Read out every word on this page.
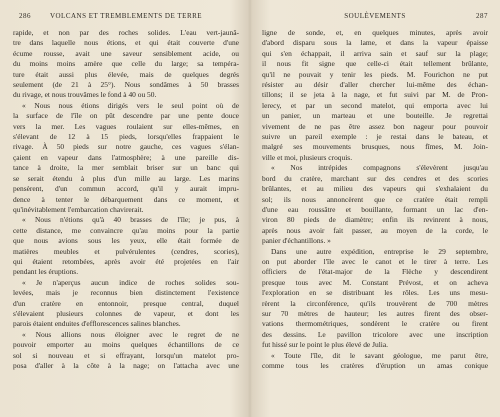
286	VOLCANS ET TREMBLEMENTS DE TERRE
rapide, et non par des roches solides. L'eau vert-jaunâ-
tre dans laquelle nous étions, et qui était couverte d'une
écume rousse, avait une saveur sensiblement acide, ou
du moins moins amère que celle du large; sa tempéra-
ture était aussi plus élevée, mais de quelques degrés
seulement (de 21 à 25°). Nous sondâmes à 50 brasses
du rivage, et nous trouvâmes le fond à 40 ou 50.
« Nous nous étions dirigés vers le seul point où de
la surface de l'île on pût descendre par une pente douce
vers la mer. Les vagues roulaient sur elles-mêmes, en
s'élevant de 12 à 15 pieds, lorsqu'elles frappaient le
rivage. À 50 pieds sur notre gauche, ces vagues s'élan-
çaient en vapeur dans l'atmosphère; à une pareille dis-
tance à droite, la mer semblait briser sur un banc qui
se serait étendu à plus d'un mille au large. Les marins
pensèrent, d'un commun accord, qu'il y aurait impru-
dence à tenter le débarquement dans ce moment, et
qu'inévitablement l'embarcation chavirerait.
« Nous n'étions qu'à 40 brasses de l'île; je pus, à
cette distance, me convaincre qu'au moins pour la partie
que nous avions sous les yeux, elle était formée de
matières meubles et pulvérulentes (cendres, scories),
qui étaient retombées, après avoir été projetées en l'air
pendant les éruptions.
« Je n'aperçus aucun indice de roches solides sou-
levées, mais je reconnus bien distinctement l'existence
d'un cratère en entonnoir, presque central, duquel
s'élevaient plusieurs colonnes de vapeur, et dont les
parois étaient enduites d'efflorescences salines blanches.
« Nous allions nous éloigner avec le regret de ne
pouvoir emporter au moins quelques échantillons de ce
sol si nouveau et si effrayant, lorsqu'un matelot pro-
posa d'aller à la côte à la nage; on l'attacha avec une
SOULÈVEMENTS	287
ligne de sonde, et, en quelques minutes, après avoir
d'abord disparu sous la lame, et dans la vapeur épaisse
qui s'en échappait, il arriva sain et sauf sur la plage;
il nous fit signe que celle-ci était tellement brûlante,
qu'il ne pouvait y tenir les pieds. M. Fourichon ne put
résister au désir d'aller chercher lui-même des échan-
tillons; il se jeta à la nage, et fut suivi par M. de Pron-
lerecy, et par un second matelot, qui emporta avec lui
un panier, un marteau et une bouteille. Je regrettai
vivement de ne pas être assez bon nageur pour pouvoir
suivre un pareil exemple : je restai dans le bateau, et
malgré ses mouvements brusques, nous fîmes, M. Join-
ville et moi, plusieurs croquis.
« Nos intrépides compagnons s'élevèrent jusqu'au
bord du cratère, marchant sur des cendres et des scories
brûlantes, et au milieu des vapeurs qui s'exhalaient du
sol; ils nous annoncèrent que ce cratère était rempli
d'une eau roussâtre et bouillante, formant un lac d'en-
viron 80 pieds de diamètre; enfin ils revinrent à nous,
après nous avoir fait passer, au moyen de la corde, le
panier d'échantillons. »
Dans une autre expédition, entreprise le 29 septembre,
on put aborder l'île avec le canot et le tirer à terre. Les
officiers de l'état-major de la Flèche y descendirent
presque tous avec M. Constant Prévost, et on acheva
l'exploration en se distribuant les rôles. Les uns mesu-
rèrent la circonférence, qu'ils trouvèrent de 700 mètres
sur 70 mètres de hauteur; les autres firent des obser-
vations thermométriques, sondèrent le cratère ou firent
des dessins. Le pavillon tricolore avec une inscription
fut hissé sur le point le plus élevé de Julia.
« Toute l'île, dit le savant géologue, me parut être,
comme tous les cratères d'éruption un amas conique
